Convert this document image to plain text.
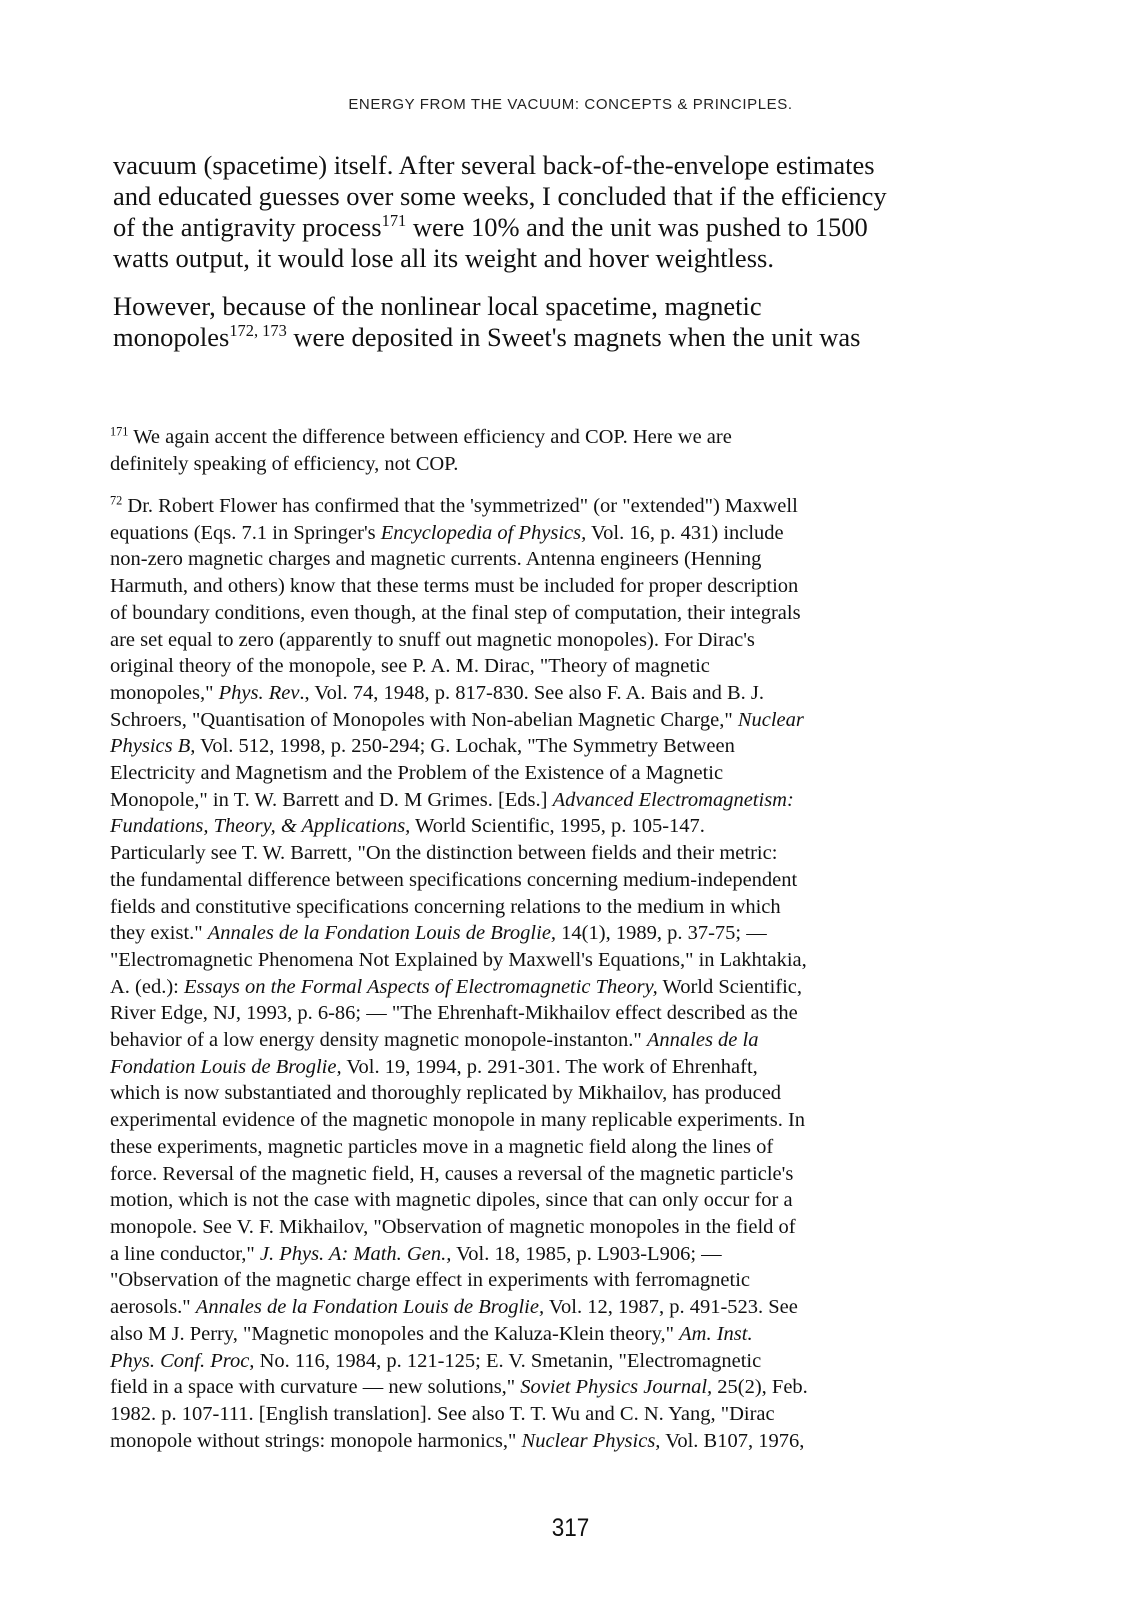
ENERGY FROM THE VACUUM: CONCEPTS & PRINCIPLES.
vacuum (spacetime) itself. After several back-of-the-envelope estimates
and educated guesses over some weeks, I concluded that if the efficiency
of the antigravity process$^{171}$ were 10% and the unit was pushed to 1500
watts output, it would lose all its weight and hover weightless.
However, because of the nonlinear local spacetime, magnetic
monopoles$^{172, 173}$ were deposited in Sweet's magnets when the unit was
$^{171}$ We again accent the difference between efficiency and COP. Here we are
definitely speaking of efficiency, not COP.
$^{72}$ Dr. Robert Flower has confirmed that the 'symmetrized" (or "extended") Maxwell
equations (Eqs. 7.1 in Springer's Encyclopedia of Physics, Vol. 16, p. 431) include
non-zero magnetic charges and magnetic currents. Antenna engineers (Henning
Harmuth, and others) know that these terms must be included for proper description
of boundary conditions, even though, at the final step of computation, their integrals
are set equal to zero (apparently to snuff out magnetic monopoles). For Dirac's
original theory of the monopole, see P. A. M. Dirac, "Theory of magnetic
monopoles," Phys. Rev., Vol. 74, 1948, p. 817-830. See also F. A. Bais and B. J.
Schroers, "Quantisation of Monopoles with Non-abelian Magnetic Charge," Nuclear
Physics B, Vol. 512, 1998, p. 250-294; G. Lochak, "The Symmetry Between
Electricity and Magnetism and the Problem of the Existence of a Magnetic
Monopole," in T. W. Barrett and D. M Grimes. [Eds.] Advanced Electromagnetism:
Fundations, Theory, & Applications, World Scientific, 1995, p. 105-147.
Particularly see T. W. Barrett, "On the distinction between fields and their metric:
the fundamental difference between specifications concerning medium-independent
fields and constitutive specifications concerning relations to the medium in which
they exist." Annales de la Fondation Louis de Broglie, 14(1), 1989, p. 37-75; —
"Electromagnetic Phenomena Not Explained by Maxwell's Equations," in Lakhtakia,
A. (ed.): Essays on the Formal Aspects of Electromagnetic Theory, World Scientific,
River Edge, NJ, 1993, p. 6-86; — "The Ehrenhaft-Mikhailov effect described as the
behavior of a low energy density magnetic monopole-instanton." Annales de la
Fondation Louis de Broglie, Vol. 19, 1994, p. 291-301. The work of Ehrenhaft,
which is now substantiated and thoroughly replicated by Mikhailov, has produced
experimental evidence of the magnetic monopole in many replicable experiments. In
these experiments, magnetic particles move in a magnetic field along the lines of
force. Reversal of the magnetic field, H, causes a reversal of the magnetic particle's
motion, which is not the case with magnetic dipoles, since that can only occur for a
monopole. See V. F. Mikhailov, "Observation of magnetic monopoles in the field of
a line conductor," J. Phys. A: Math. Gen., Vol. 18, 1985, p. L903-L906; —
"Observation of the magnetic charge effect in experiments with ferromagnetic
aerosols." Annales de la Fondation Louis de Broglie, Vol. 12, 1987, p. 491-523. See
also M J. Perry, "Magnetic monopoles and the Kaluza-Klein theory," Am. Inst.
Phys. Conf. Proc, No. 116, 1984, p. 121-125; E. V. Smetanin, "Electromagnetic
field in a space with curvature — new solutions," Soviet Physics Journal, 25(2), Feb.
1982. p. 107-111. [English translation]. See also T. T. Wu and C. N. Yang, "Dirac
monopole without strings: monopole harmonics," Nuclear Physics, Vol. B107, 1976,
317
